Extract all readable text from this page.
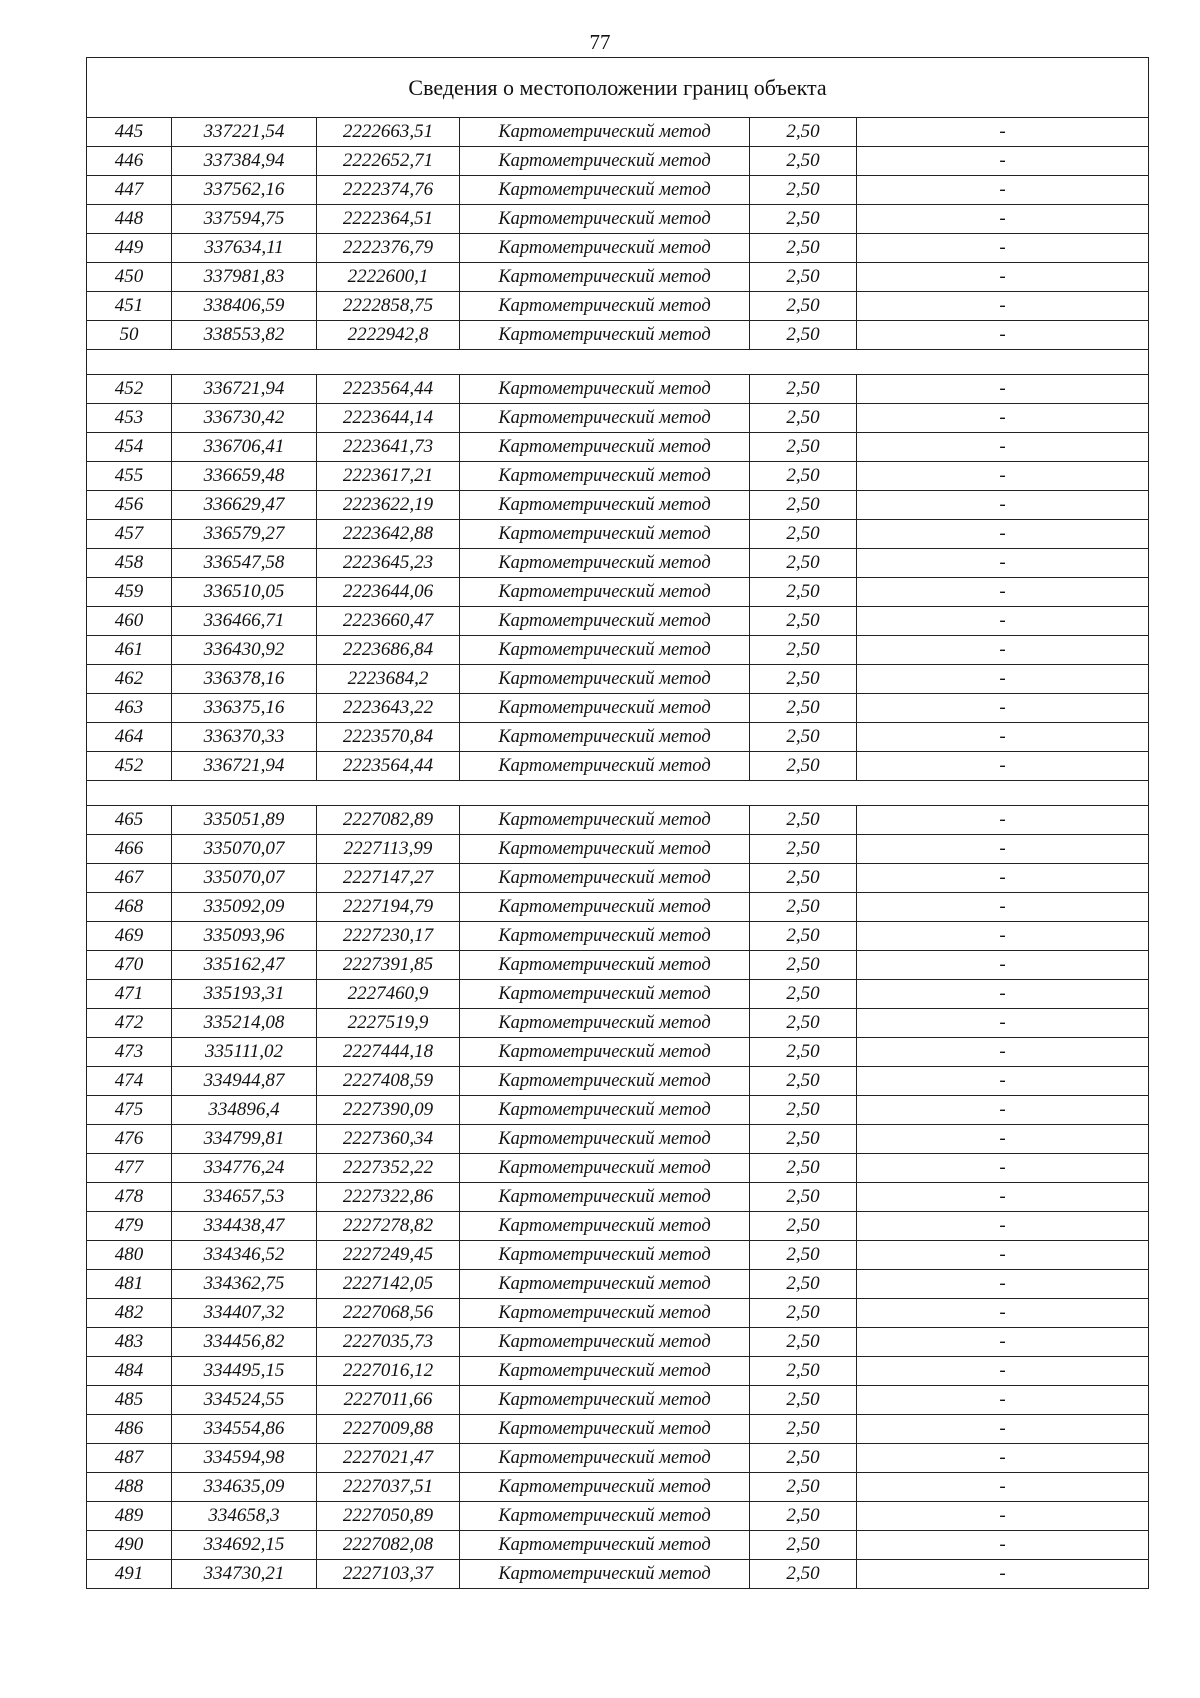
77
Сведения о местоположении границ объекта					
445	337221,54	2222663,51	Картометрический метод	2,50	-
446	337384,94	2222652,71	Картометрический метод	2,50	-
447	337562,16	2222374,76	Картометрический метод	2,50	-
448	337594,75	2222364,51	Картометрический метод	2,50	-
449	337634,11	2222376,79	Картометрический метод	2,50	-
450	337981,83	2222600,1	Картометрический метод	2,50	-
451	338406,59	2222858,75	Картометрический метод	2,50	-
50	338553,82	2222942,8	Картометрический метод	2,50	-

452	336721,94	2223564,44	Картометрический метод	2,50	-
453	336730,42	2223644,14	Картометрический метод	2,50	-
454	336706,41	2223641,73	Картометрический метод	2,50	-
455	336659,48	2223617,21	Картометрический метод	2,50	-
456	336629,47	2223622,19	Картометрический метод	2,50	-
457	336579,27	2223642,88	Картометрический метод	2,50	-
458	336547,58	2223645,23	Картометрический метод	2,50	-
459	336510,05	2223644,06	Картометрический метод	2,50	-
460	336466,71	2223660,47	Картометрический метод	2,50	-
461	336430,92	2223686,84	Картометрический метод	2,50	-
462	336378,16	2223684,2	Картометрический метод	2,50	-
463	336375,16	2223643,22	Картометрический метод	2,50	-
464	336370,33	2223570,84	Картометрический метод	2,50	-
452	336721,94	2223564,44	Картометрический метод	2,50	-

465	335051,89	2227082,89	Картометрический метод	2,50	-
466	335070,07	2227113,99	Картометрический метод	2,50	-
467	335070,07	2227147,27	Картометрический метод	2,50	-
468	335092,09	2227194,79	Картометрический метод	2,50	-
469	335093,96	2227230,17	Картометрический метод	2,50	-
470	335162,47	2227391,85	Картометрический метод	2,50	-
471	335193,31	2227460,9	Картометрический метод	2,50	-
472	335214,08	2227519,9	Картометрический метод	2,50	-
473	335111,02	2227444,18	Картометрический метод	2,50	-
474	334944,87	2227408,59	Картометрический метод	2,50	-
475	334896,4	2227390,09	Картометрический метод	2,50	-
476	334799,81	2227360,34	Картометрический метод	2,50	-
477	334776,24	2227352,22	Картометрический метод	2,50	-
478	334657,53	2227322,86	Картометрический метод	2,50	-
479	334438,47	2227278,82	Картометрический метод	2,50	-
480	334346,52	2227249,45	Картометрический метод	2,50	-
481	334362,75	2227142,05	Картометрический метод	2,50	-
482	334407,32	2227068,56	Картометрический метод	2,50	-
483	334456,82	2227035,73	Картометрический метод	2,50	-
484	334495,15	2227016,12	Картометрический метод	2,50	-
485	334524,55	2227011,66	Картометрический метод	2,50	-
486	334554,86	2227009,88	Картометрический метод	2,50	-
487	334594,98	2227021,47	Картометрический метод	2,50	-
488	334635,09	2227037,51	Картометрический метод	2,50	-
489	334658,3	2227050,89	Картометрический метод	2,50	-
490	334692,15	2227082,08	Картометрический метод	2,50	-
491	334730,21	2227103,37	Картометрический метод	2,50	-
